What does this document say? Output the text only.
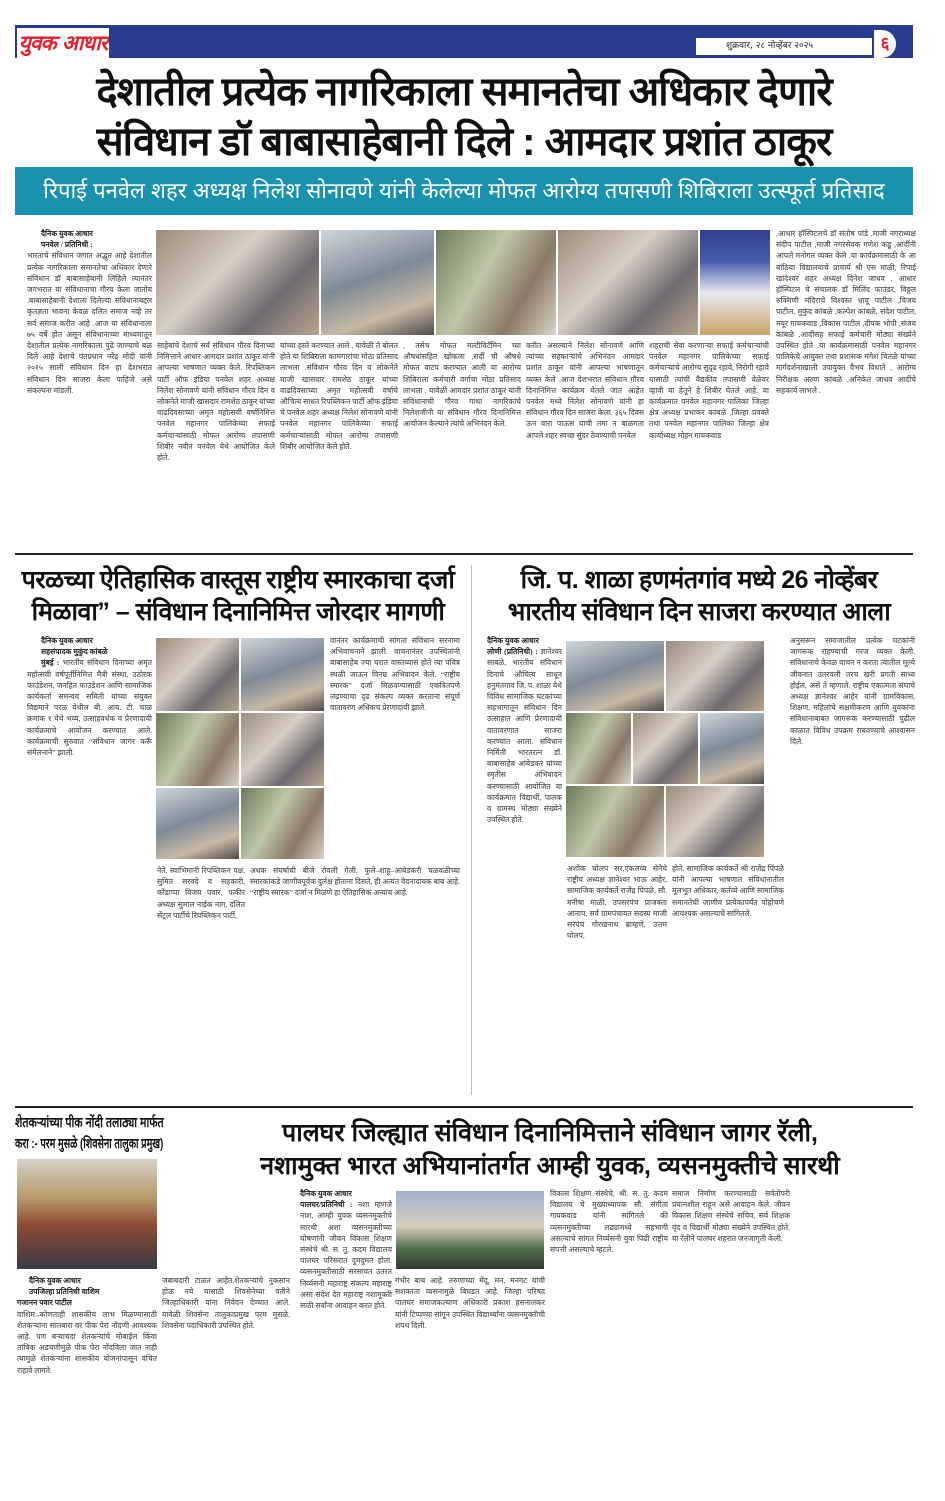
युवक आधार	शुक्रवार, २८ नोव्हेंबर २०२५	६
देशातील प्रत्येक नागरिकाला समानतेचा अधिकार देणारे
संविधान डॉ बाबासाहेबानी दिले : आमदार प्रशांत ठाकूर
रिपाई पनवेल शहर अध्यक्ष निलेश सोनावणे यांनी केलेल्या मोफत आरोग्य तपासणी शिबिराला उत्स्फूर्त प्रतिसाद
दैनिक युवक आधार
पनवेल / प्रतिनिधी :
भारताचे संविधान जगात अद्भुत आहे देशातील प्रत्येक नागरिकाला समानतेचा अधिकार देणारे संविधान डॉ बाबासाहेबानी लिहिले त्यानंतर जगभरात या संविधानाचा गौरव केला जातोय .बाबासाहेबानी देशाला दिलेल्या संविधानाबद्दल कृतज्ञता भावना केवळ दलित समाज नव्हे तर सर्व समाज करीत आहे .आज या संविधानाला ७५ वर्षे होत असून संविधानाच्या माध्यमातून देशातील प्रत्येक नागरिकाला पुढे जाण्याचे बळ दिले आहे देशाचे पंतप्रधान नरेंद्र मोदी यांनी २०१५ साली संविधान दिन हा देशभरात संविधान दिन साजरा केला पाहिजे असे संकल्पना मांडली.
साहेबांचे देशाचे सर्व संविधान गौरव दिनाच्या निमित्ताने आधार आमदार प्रशांत ठाकूर यांनी आपल्या भाषणात व्यक्त केले. रिपब्लिकन पार्टी ऑफ इंडिया पनवेल शहर अध्यक्ष निलेश सोनावणे यांनी संविधान गौरव दिन व लोकनेते माजी खासदार रामशेठ ठाकूर यांच्या वाढदिवसाच्या अमृत महोत्सवी वर्षानिमित्त पनवेल महानगर पालिकेच्या सफाई कर्मचाऱ्यांसाठी मोफत आरोग्य तपासणी शिबीर नवीन पनवेल येथे आयोजित केले होते.
यांच्या हस्ते करण्यात आले . यावेळी ते बोलत होते या शिबिराला कामगारांचा मोठा प्रतिसाद लाभला .संविधान गौरव दिन व लोकनेते माजी खासदार रामशेठ ठाकूर यांच्या वाढदिवसाच्या अमृत महोत्सवी वर्षाचे औचित्य साधत रिपब्लिकन पार्टी ऑफ इंडिया चे पनवेल शहर अध्यक्ष निलेश सोनावणे यांनी पनवेल महानगर पालिकेच्या सफाई कर्मचाऱ्यांसाठी मोफत आरोग्य तपासणी शिबीर आयोजित केले होते.
, तसेच मोफत मल्टीविटॅमिन च्या औषधांसहित खोकला ,सर्दी ची औषधे मोफत वाटप करण्यात आली या आरोग्य शिबिराला कर्मचारी वर्गाचा मोठा प्रतिसाद लाभला . यावेळी आमदार प्रशांत ठाकूर यांनी संविधानाची गौरव गाथा नागरिकांचे निलेशजीनी या संविधान गौरव दिनानिमित्त आयोजन केल्याने त्यांचे अभिनंदन केले.
करीत असल्याने निलेश सोनावणे आणि त्यांच्या सहकाऱ्यांचे अभिनंदन आमदार प्रशांत ठाकूर यांनी आपल्या भाषणातून व्यक्त केले .आज देशभरात संविधान गौरव दिनानिमित्त कार्यक्रम घेतले जात आहेत पनवेल मध्ये निलेश सोनावणे यांनी हा संविधान गौरव दिन साजरा केला. ३६५ दिवस ऊन वारा पाऊस याची तमा न बाळगता आपले शहर स्वच्छ सुंदर ठेवण्याची पनवेल
शहराची सेवा करणाऱ्या सफाई कर्मचाऱ्यांची पनवेल महानगर पालिकेच्या सफाई कर्मचाऱ्यांचे आरोग्य सुदृढ रहावे, निरोगी रहावे यासाठी त्यांची वैद्यकीय तपासणी वेळेवर व्हावी या हेतूने हे शिबीर घेतले आहे. या कार्यक्रमात पनवेल महानगर पालिका जिल्हा क्षेत्र अध्यक्ष प्रभाकर कांबळे ,जिल्हा प्रवक्ते तथा पनवेल महानगर पालिका जिल्हा क्षेत्र कार्याध्यक्ष मोहन गायकवाड
,आधार हॉस्पिटलचे डॉ संतोष पांडे ,माजी नगराध्यक्ष संदीप पाटील ,माजी नगरसेवक गणेश कडू ,आदींनी आपले मनोगत व्यक्त केले .या कार्यक्रमासाठी के आ बांठिया विद्यालयाचे प्राचार्य श्री एस माळी, रिपाई खांदेश्वर शहर अध्यक्ष दिनेश जाधव , आधार हॉस्पिटल चे संचालक डॉ मिलिंद फाउंडर, विठ्ठल रुक्मिणी मंदिराचे विश्वस्त धायू पाटील ,विजय पाटील, मुकुंद कांबळे ,कल्पेश कांबळे, संदेश पाटील, मयूर गायकवाड ,विकास पाटील ,दीपक भोपी ,संजय कांबळे ,आदींसह सफाई कर्मचारी मोठ्या संख्येने उपस्थित होते .या कार्यक्रमासाठी पनवेल महानगर पालिकेचे आयुक्त तथा प्रशासक मंगेश चितळे यांच्या मार्गदर्शनाखाली उपायुक्त वैभव विधाते , आरोग्य निरीक्षक अरुण कांबळे ,अनिकेत जाधव आदींचे सहकार्य लाभले .
परळच्या ऐतिहासिक वास्तूस राष्ट्रीय स्मारकाचा दर्जा
मिळावा” – संविधान दिनानिमित्त जोरदार मागणी
दैनिक युवक आधार
सहसंपादक मुकुंद कांबळे
मुंबई : भारतीय संविधान दिनाच्या अमृत महोत्सवी वर्षपूर्तीनिमित्त मैत्री संस्था, उठोरक फाउंडेशन, जनहित फाउंडेशन आणि सामाजिक कार्यकर्ता समन्वय समिती यांच्या संयुक्त विद्यमाने परळ येथील बी. आय. टी. चाळ क्रमांक १ येथे भव्य, उत्साहवर्धक व प्रेरणादायी कार्यक्रमाचे आयोजन करण्यात आले. कार्यक्रमाची सुरुवात “संविधान जागर करूँ संमेलनाने” झाली.
वानंतर कार्यक्रमाची सांगता संविधान सरनामा अभिवाचनाने झाली. वाचनानंतर उपस्थितांनी बाबासाहेब ज्या घरात वास्तव्यास होते त्या पवित्र स्थळी जाऊन विनम्र अभिवादन केले. “राष्ट्रीय स्मारक” दर्जा मिळवण्यासाठी एकत्रितपणे लढण्याचा दृढ संकल्प व्यक्त करताना संपूर्ण वातावरण अधिकच प्रेरणादायी झाले.
नेते, स्वाभिमानी रिपब्लिकन पक्ष, सुमित सरवदे व सहकारी, कोंडाप्पा विजय पवार, फकीर अध्यक्ष सुमाल नाईक नाग, दलित सेंट्रल पार्टीचे रिपब्लिकन पार्टी,
अधक संघर्षाची बीजे रोवली गेली. फुले–शाहू–आंबेडकरी चळवळीच्या स्मारकांकडे जाणीवपूर्वक दुर्लक्ष होताना दिसते, ही अत्यंत वेदनादायक बाब आहे. “राष्ट्रीय स्मारक” दर्जा न मिळणे हा ऐतिहासिक अन्याय आहे.
जि. प. शाळा हणमंतगांव मध्ये 26 नोव्हेंबर
भारतीय संविधान दिन साजरा करण्यात आला
दैनिक युवक आधार
लोणी (प्रतिनिधी) : ज्ञानेश्वर साबळे, भारतीय संविधान दिनाचे औचित्य साधून हनुमंतगाव जि. प. शाळा येथे विविध सामाजिक घटकांच्या सहभागातून संविधान दिन उत्साहात आणि प्रेरणादायी वातावरणात साजरा करण्यात आला. संविधान निर्मिती भारतरत्न डॉ. बाबासाहेब आंबेडकर यांच्या स्मृतीस अभिवादन करण्यासाठी आयोजित या कार्यक्रमात विद्यार्थी, पालक व ग्रामस्थ मोठ्या संख्येने उपस्थित होते.
अनुसरून समाजातील प्रत्येक घटकांनी जागरूक राहण्याची गरज व्यक्त केली. संविधानाचे केवळ वाचन न करता त्यातील मूल्ये जीवनात उतरवली तरच खरी प्रगती साध्य होईल, असे ते म्हणाले. राष्ट्रीय एकात्मता संघाचे अध्यक्ष ज्ञानेश्वर आहेर यांनी ग्रामविकास, शिक्षण, महिलांचे सक्षमीकरण आणि युवकांना संविधानाबाबत जागरूक करण्यासाठी पुढील काळात विविध उपक्रम राबवण्याचे आश्वासन दिले.
अशोक चोलप सर,एकलव्य सेनेचे राष्ट्रीय अध्यक्ष ज्ञानेश्वर भाऊ आहेर, सामाजिक कार्यकर्ते राजेंद्र पिंपळे, सौ. मनीषा माळी, उपसरपंच प्राजक्ता आनाप, सर्व ग्रामपंचायत सदस्य माजी सरपंच गोरखनाथ ब्राम्हणे, उत्तम घोलप,
होते. सामाजिक कार्यकर्ते श्री राजेंद्र पिंपळे यांनी आपल्या भाषणात संविधानातील मूलभूत अधिकार, कर्तव्ये आणि सामाजिक समानतेची जाणीव प्रत्येकापर्यंत पोहोचणे आवश्यक असल्याचे सांगितले.
शेतकऱ्यांच्या पीक नोंदी तलाठ्या मार्फत
करा :- परम मुसळे (शिवसेना तालुका प्रमुख)
दैनिक युवक आधार
उपजिल्हा प्रतिनिधी वाशिम
गजानन पवार पाटील
वाशिम:-कोणताही शासकीय लाभ मिळण्यासाठी शेतकऱ्यांना सातबारा वर पीक पेरा नोंदणी आवश्यक आहे. पण बऱ्याचदा शेतकऱ्यांचे मोबाईल किंवा तांत्रिक अडचणीमुळे पीक पेरा नोंदविला जात नाही त्यामुळे शेतकऱ्यांना शासकीय योजनांपासून वंचित राहावे लागते.
जबाबदारी टाळत आहेत.शेतकऱ्यांचे नुकसान होऊ नये यासाठी शिवसेनेच्या वतीने जिल्हाधिकारी यांना निवेदन देण्यात आले. यावेळी शिवसेना तालुकाप्रमुख परम मुसळे, शिवसेना पदाधिकारी उपस्थित होते.
पालघर जिल्ह्यात संविधान दिनानिमित्ताने संविधान जागर रॅली,
नशामुक्त भारत अभियानांतर्गत आम्ही युवक, व्यसनमुक्तीचे सारथी
दैनिक युवक आधार
पालघर/प्रतिनिधी : नशा म्हणजे नाश, आम्ही युवक व्यसनमुक्तीचे सारथी अशा व्यसनमुक्तीच्या घोषणांनी जीवन विकास शिक्षण संस्थेचे श्री. स. तु. कदम विद्यालय पालघर परिसरात दुमदुमत होता. व्यसनमुक्तीसाठी सरसावत उतरत निर्व्यसनी महाराष्ट्र संकल्प महाराष्ट्र असा संदेश देत महाराष्ट्र नशामुक्ती साठी सर्वांना आवाहन करत होते.
गंभीर बाब आहे. तरुणांच्या मेंदू, मन, मनगट यांची सशक्तता व्यसनामुळे बिघडत आहे. जिल्हा परिषद पालघर समाजकल्याण अधिकारी प्रकाश हसनालकर यांनी टिप्पण्या सांगून उपस्थित विद्यार्थ्यांना व्यसनमुक्तीची शपथ दिली.
विकास शिक्षण संस्थेचे, श्री. स. तु. कदम विद्यालय चे मुख्याध्यापक सौ. संगीता गायकवाड यांनी सांगितले की व्यसनमुक्तीच्या लढ्यामध्ये सहभागी असल्याचे सांगत निर्व्यसनी युवा पिढी राष्ट्रीय संपत्ती असल्याचे म्हटले.
समाज निर्माण करण्यासाठी सर्वतोपरी प्रयत्नशील राहून असे आवाहन केले. जीवन विकास शिक्षण संस्थेचे सचिव, सर्व शिक्षक वृंद व विद्यार्थी मोठ्या संख्येने उपस्थित होते. या रॅलीने पालघर शहरात जनजागृती केली.
